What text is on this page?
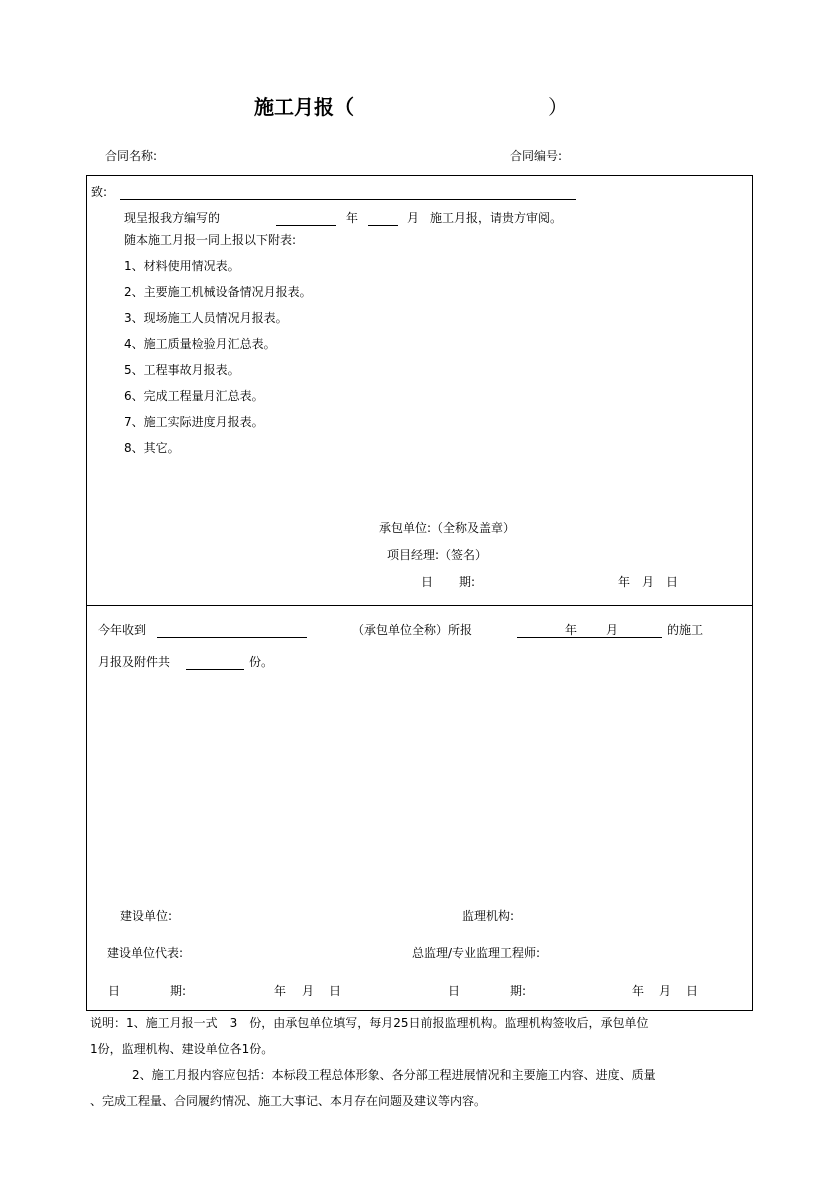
施工月报（	）
合同名称:	合同编号:
致:
现呈报我方编写的	年	月 施工月报，请贵方审阅。
随本施工月报一同上报以下附表:
1、材料使用情况表。
2、主要施工机械设备情况月报表。
3、现场施工人员情况月报表。
4、施工质量检验月汇总表。
5、工程事故月报表。
6、完成工程量月汇总表。
7、施工实际进度月报表。
8、其它。
承包单位:（全称及盖章）
项目经理:（签名）
日 期:	年　月　日
今年收到	（承包单位全称）所报	年 月	的施工
月报及附件共	份。
建设单位:	监理机构:
建设单位代表:	总监理/专业监理工程师:
日	期:	年 月 日	日	期:	年 月 日
说明：1、施工月报一式　3　份，由承包单位填写，每月25日前报监理机构。监理机构签收后，承包单位
1份，监理机构、建设单位各1份。
2、施工月报内容应包括：本标段工程总体形象、各分部工程进展情况和主要施工内容、进度、质量
、完成工程量、合同履约情况、施工大事记、本月存在问题及建议等内容。
